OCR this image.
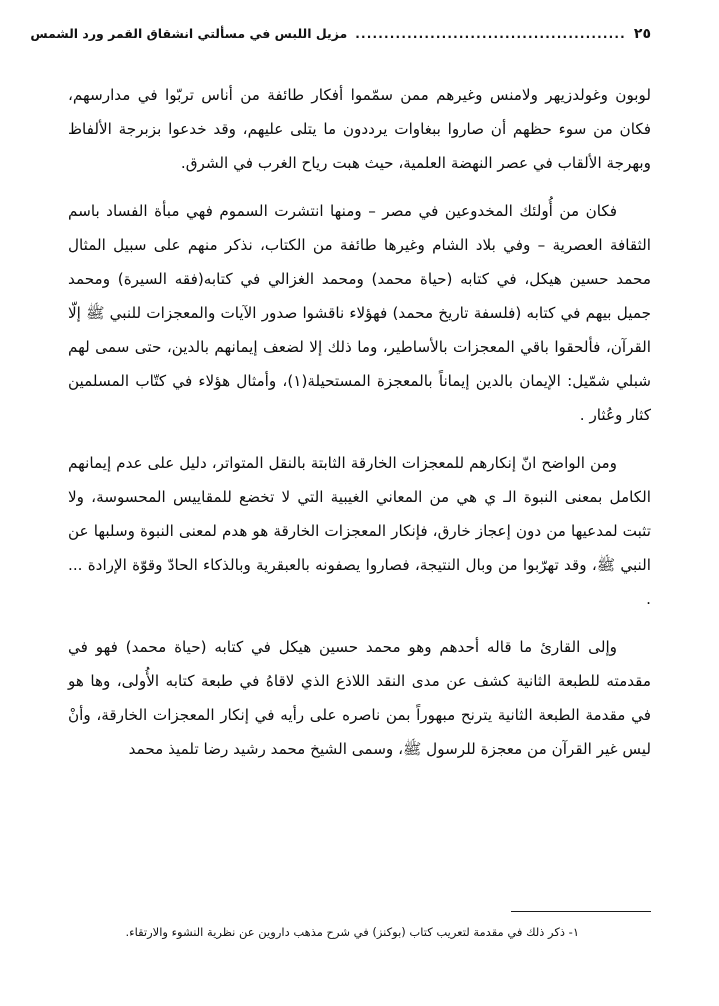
٢٥
...............................................
مزيل اللبس في مسألتي انشقاق القمر ورد الشمس

لوبون وغولدزيهر ولامنس وغيرهم ممن سمّموا أفكار طائفة من أناس تربّوا في مدارسهم، فكان من سوء حظهم أن صاروا ببغاوات يرددون ما يتلى عليهم، وقد خدعوا بزبرجة الألفاظ وبهرجة الألقاب في عصر النهضة العلمية، حيث هبت رياح الغرب في الشرق.

فكان من أُولئك المخدوعين في مصر – ومنها انتشرت السموم فهي مبأة الفساد باسم الثقافة العصرية – وفي بلاد الشام وغيرها طائفة من الكتاب، نذكر منهم على سبيل المثال محمد حسين هيكل، في كتابه (حياة محمد) ومحمد الغزالي في كتابه(فقه السيرة) ومحمد جميل بيهم في كتابه (فلسفة تاريخ محمد) فهؤلاء ناقشوا صدور الآيات والمعجزات للنبي ﷺ إلّا القرآن، فألحقوا باقي المعجزات بالأساطير، وما ذلك إلا لضعف إيمانهم بالدين، حتى سمى لهم شبلي شمّيل: الإيمان بالدين إيماناً بالمعجزة المستحيلة(١)، وأمثال هؤلاء في كتّاب المسلمين كثار وعُثار .

ومن الواضح انّ إنكارهم للمعجزات الخارقة الثابتة بالنقل المتواتر، دليل على عدم إيمانهم الكامل بمعنى النبوة الـ ي هي من المعاني الغيبية التي لا تخضع للمقاييس المحسوسة، ولا تثبت لمدعيها من دون إعجاز خارق، فإنكار المعجزات الخارقة هو هدم لمعنى النبوة وسلبها عن النبي ﷺ، وقد تهرّبوا من وبال النتيجة، فصاروا يصفونه بالعبقرية وبالذكاء الحادّ وقوّة الإرادة ... .

وإلى القارئ ما قاله أحدهم وهو محمد حسين هيكل في كتابه (حياة محمد) فهو في مقدمته للطبعة الثانية كشف عن مدى النقد اللاذع الذي لاقاهُ في طبعة كتابه الأُولى، وها هو في مقدمة الطبعة الثانية يترنح مبهوراً بمن ناصره على رأيه في إنكار المعجزات الخارقة، وأنْ ليس غير القرآن من معجزة للرسول ﷺ، وسمى الشيخ محمد رشيد رضا تلميذ محمد

١- ذكر ذلك في مقدمة لتعريب كتاب (بوكنز) في شرح مذهب داروين عن نظرية النشوء والارتقاء.
